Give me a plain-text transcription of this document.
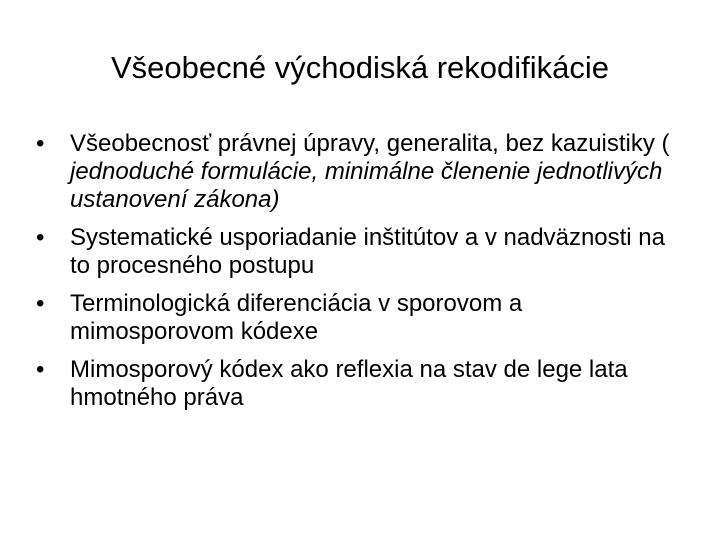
Všeobecné východiská rekodifikácie
•	Všeobecnosť právnej úpravy, generalita, bez kazuistiky ( jednoduché formulácie, minimálne členenie jednotlivých ustanovení zákona)
•	Systematické usporiadanie inštitútov a v nadväznosti na to procesného postupu
•	Terminologická diferenciácia v sporovom a mimosporovom kódexe
•	Mimosporový kódex ako reflexia na stav de lege lata hmotného práva
